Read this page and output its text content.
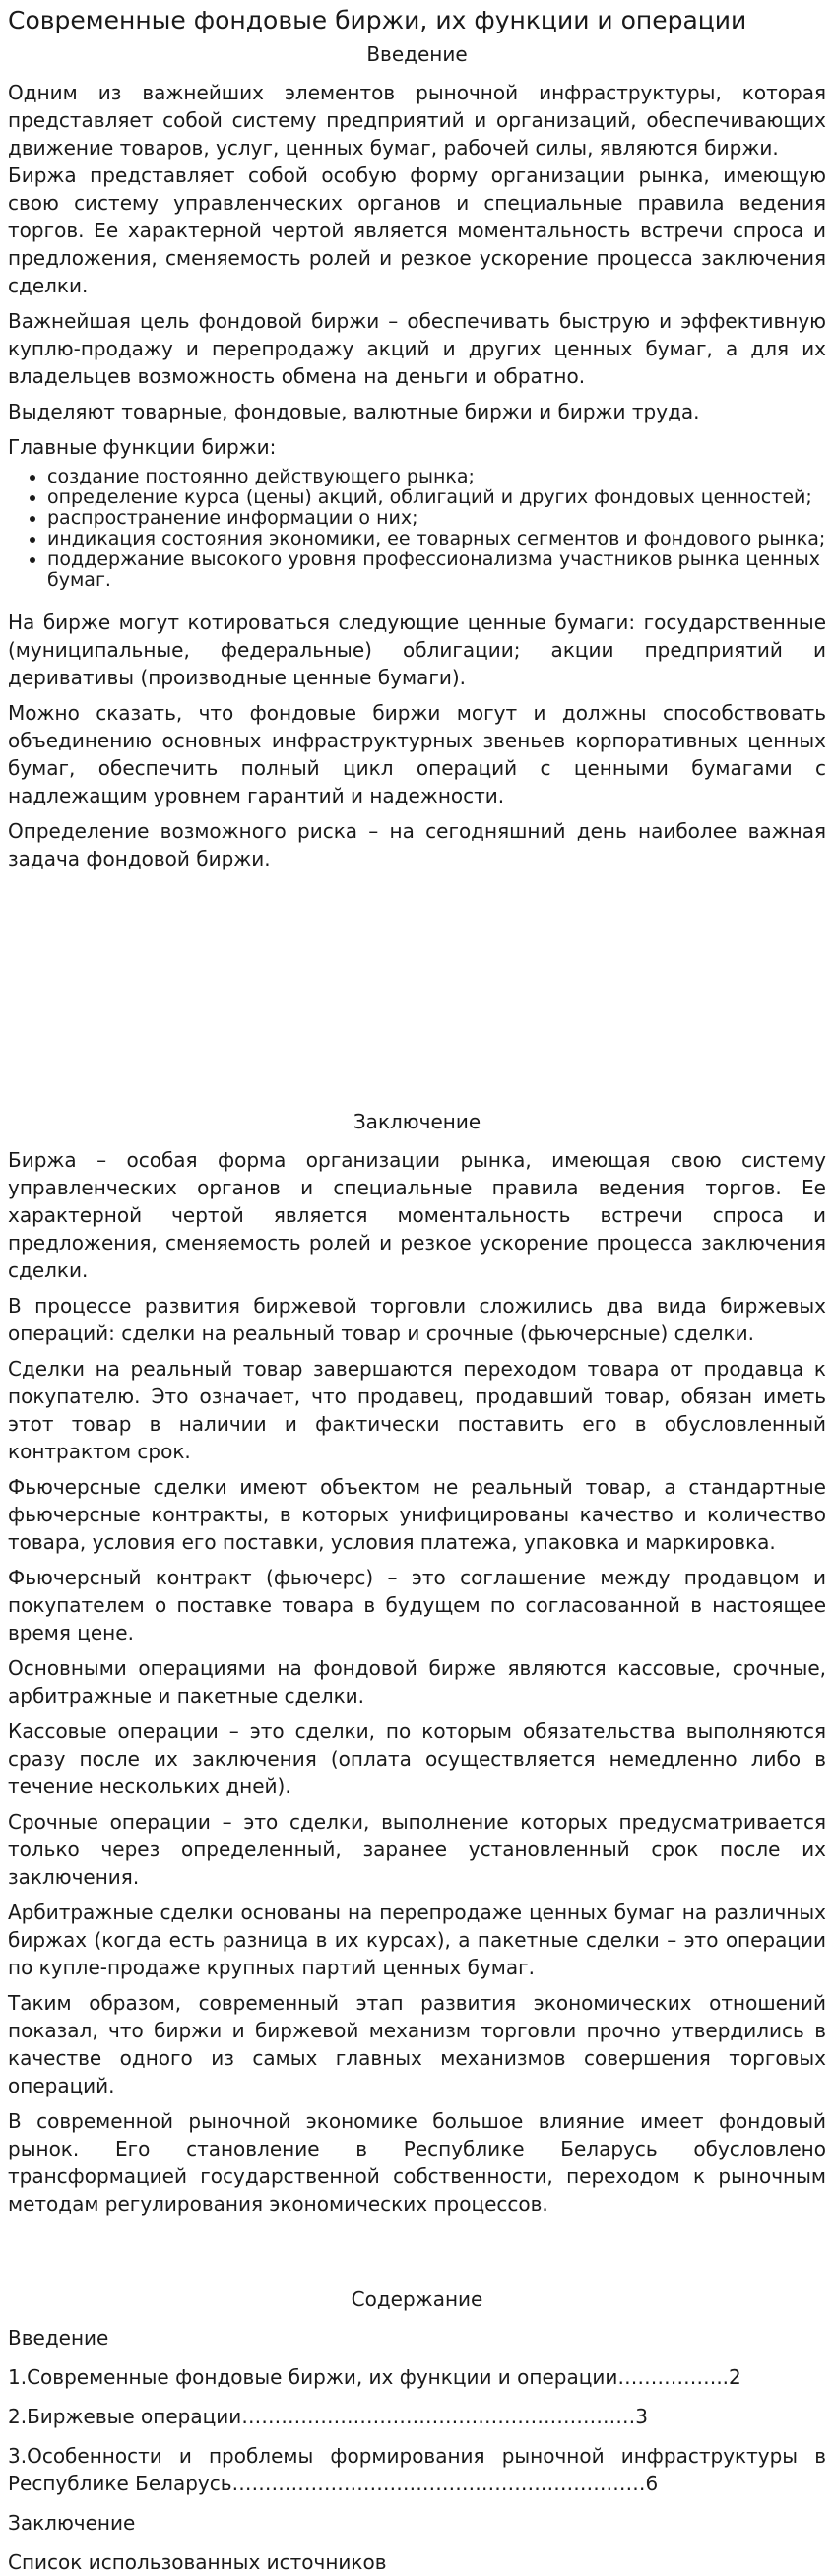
Современные фондовые биржи, их функции и операции
Введение

Одним из важнейших элементов рыночной инфраструктуры, которая представляет собой систему предприятий и организаций, обеспечивающих движение товаров, услуг, ценных бумаг, рабочей силы, являются биржи.

Биржа представляет собой особую форму организации рынка, имеющую свою систему управленческих органов и специальные правила ведения торгов. Ее характерной чертой является моментальность встречи спроса и предложения, сменяемость ролей и резкое ускорение процесса заключения сделки.

Важнейшая цель фондовой биржи – обеспечивать быструю и эффективную куплю-продажу и перепродажу акций и других ценных бумаг, а для их владельцев возможность обмена на деньги и обратно.

Выделяют товарные, фондовые, валютные биржи и биржи труда.

Главные функции биржи:
• создание постоянно действующего рынка;
• определение курса (цены) акций, облигаций и других фондовых ценностей;
• распространение информации о них;
• индикация состояния экономики, ее товарных сегментов и фондового рынка;
• поддержание высокого уровня профессионализма участников рынка ценных бумаг.

На бирже могут котироваться следующие ценные бумаги: государственные (муниципальные, федеральные) облигации; акции предприятий и деривативы (производные ценные бумаги).

Можно сказать, что фондовые биржи могут и должны способствовать объединению основных инфраструктурных звеньев корпоративных ценных бумаг, обеспечить полный цикл операций с ценными бумагами с надлежащим уровнем гарантий и надежности.

Определение возможного риска – на сегодняшний день наиболее важная задача фондовой биржи.

Заключение

Биржа – особая форма организации рынка, имеющая свою систему управленческих органов и специальные правила ведения торгов. Ее характерной чертой является моментальность встречи спроса и предложения, сменяемость ролей и резкое ускорение процесса заключения сделки.

В процессе развития биржевой торговли сложились два вида биржевых операций: сделки на реальный товар и срочные (фьючерсные) сделки.

Сделки на реальный товар завершаются переходом товара от продавца к покупателю. Это означает, что продавец, продавший товар, обязан иметь этот товар в наличии и фактически поставить его в обусловленный контрактом срок.

Фьючерсные сделки имеют объектом не реальный товар, а стандартные фьючерсные контракты, в которых унифицированы качество и количество товара, условия его поставки, условия платежа, упаковка и маркировка.

Фьючерсный контракт (фьючерс) – это соглашение между продавцом и покупателем о поставке товара в будущем по согласованной в настоящее время цене.

Основными операциями на фондовой бирже являются кассовые, срочные, арбитражные и пакетные сделки.

Кассовые операции – это сделки, по которым обязательства выполняются сразу после их заключения (оплата осуществляется немедленно либо в течение нескольких дней).

Срочные операции – это сделки, выполнение которых предусматривается только через определенный, заранее установленный срок после их заключения.

Арбитражные сделки основаны на перепродаже ценных бумаг на различных биржах (когда есть разница в их курсах), а пакетные сделки – это операции по купле-продаже крупных партий ценных бумаг.

Таким образом, современный этап развития экономических отношений показал, что биржи и биржевой механизм торговли прочно утвердились в качестве одного из самых главных механизмов совершения торговых операций.

В современной рыночной экономике большое влияние имеет фондовый рынок. Его становление в Республике Беларусь обусловлено трансформацией государственной собственности, переходом к рыночным методам регулирования экономических процессов.

Содержание
Введение
1.Современные фондовые биржи, их функции и операции……………..2
2.Биржевые операции……………………………………………………3
3.Особенности и проблемы формирования рыночной инфраструктуры в Республике Беларусь………………………………………………………6
Заключение
Список использованных источников
